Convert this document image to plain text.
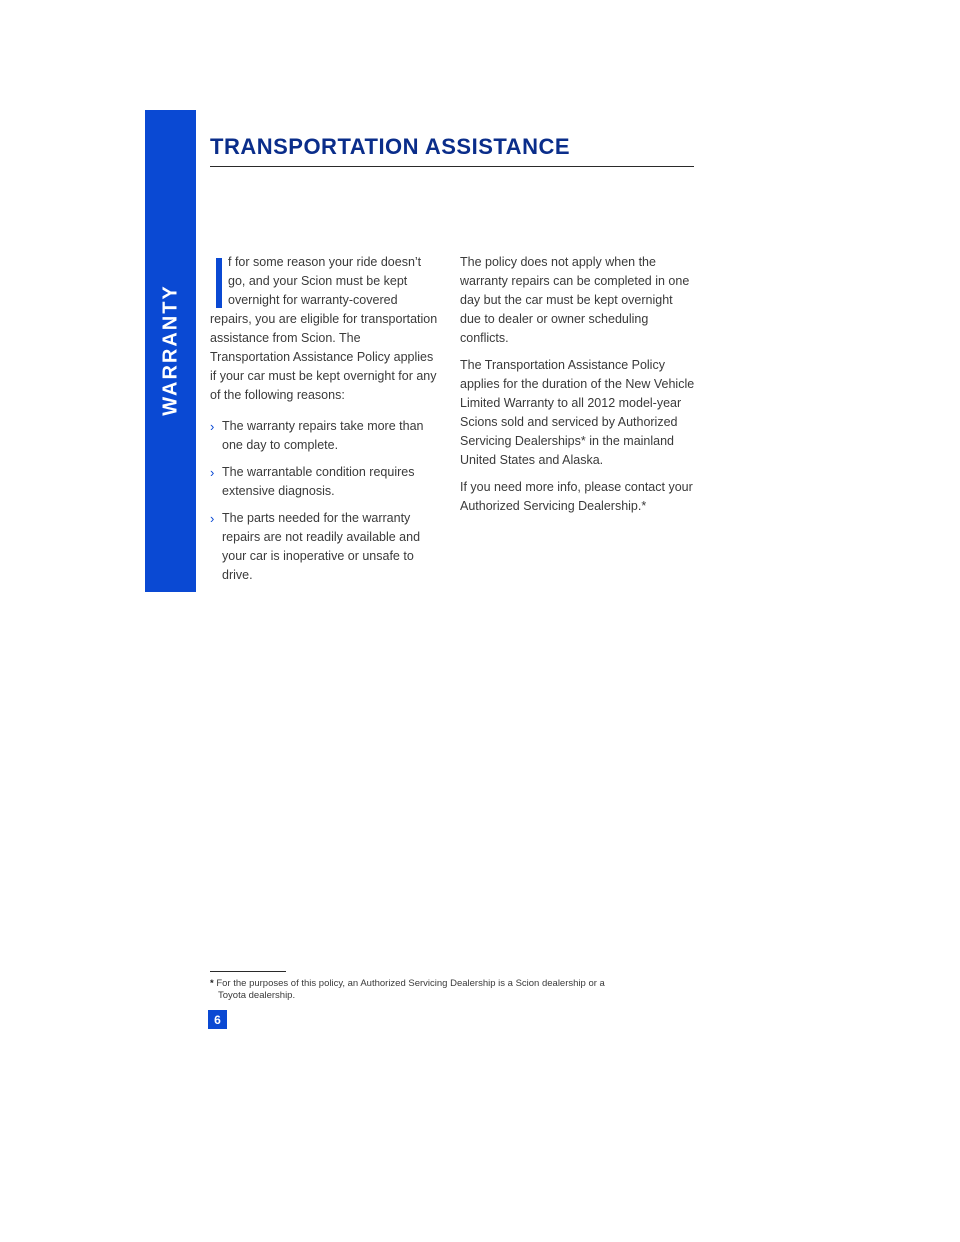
WARRANTY
TRANSPORTATION ASSISTANCE
f for some reason your ride doesn’t
go, and your Scion must be kept
overnight for warranty-covered
repairs, you are eligible for transportation assistance from Scion. The Transportation Assistance Policy applies if your car must be kept overnight for any of the following reasons:
› The warranty repairs take more than one day to complete.
› The warrantable condition requires extensive diagnosis.
› The parts needed for the warranty repairs are not readily available and your car is inoperative or unsafe to drive.

The policy does not apply when the warranty repairs can be completed in one day but the car must be kept overnight due to dealer or owner scheduling conflicts.

The Transportation Assistance Policy applies for the duration of the New Vehicle Limited Warranty to all 2012 model-year Scions sold and serviced by Authorized Servicing Dealerships* in the mainland United States and Alaska.

If you need more info, please contact your Authorized Servicing Dealership.*

* For the purposes of this policy, an Authorized Servicing Dealership is a Scion dealership or a
Toyota dealership.
6
